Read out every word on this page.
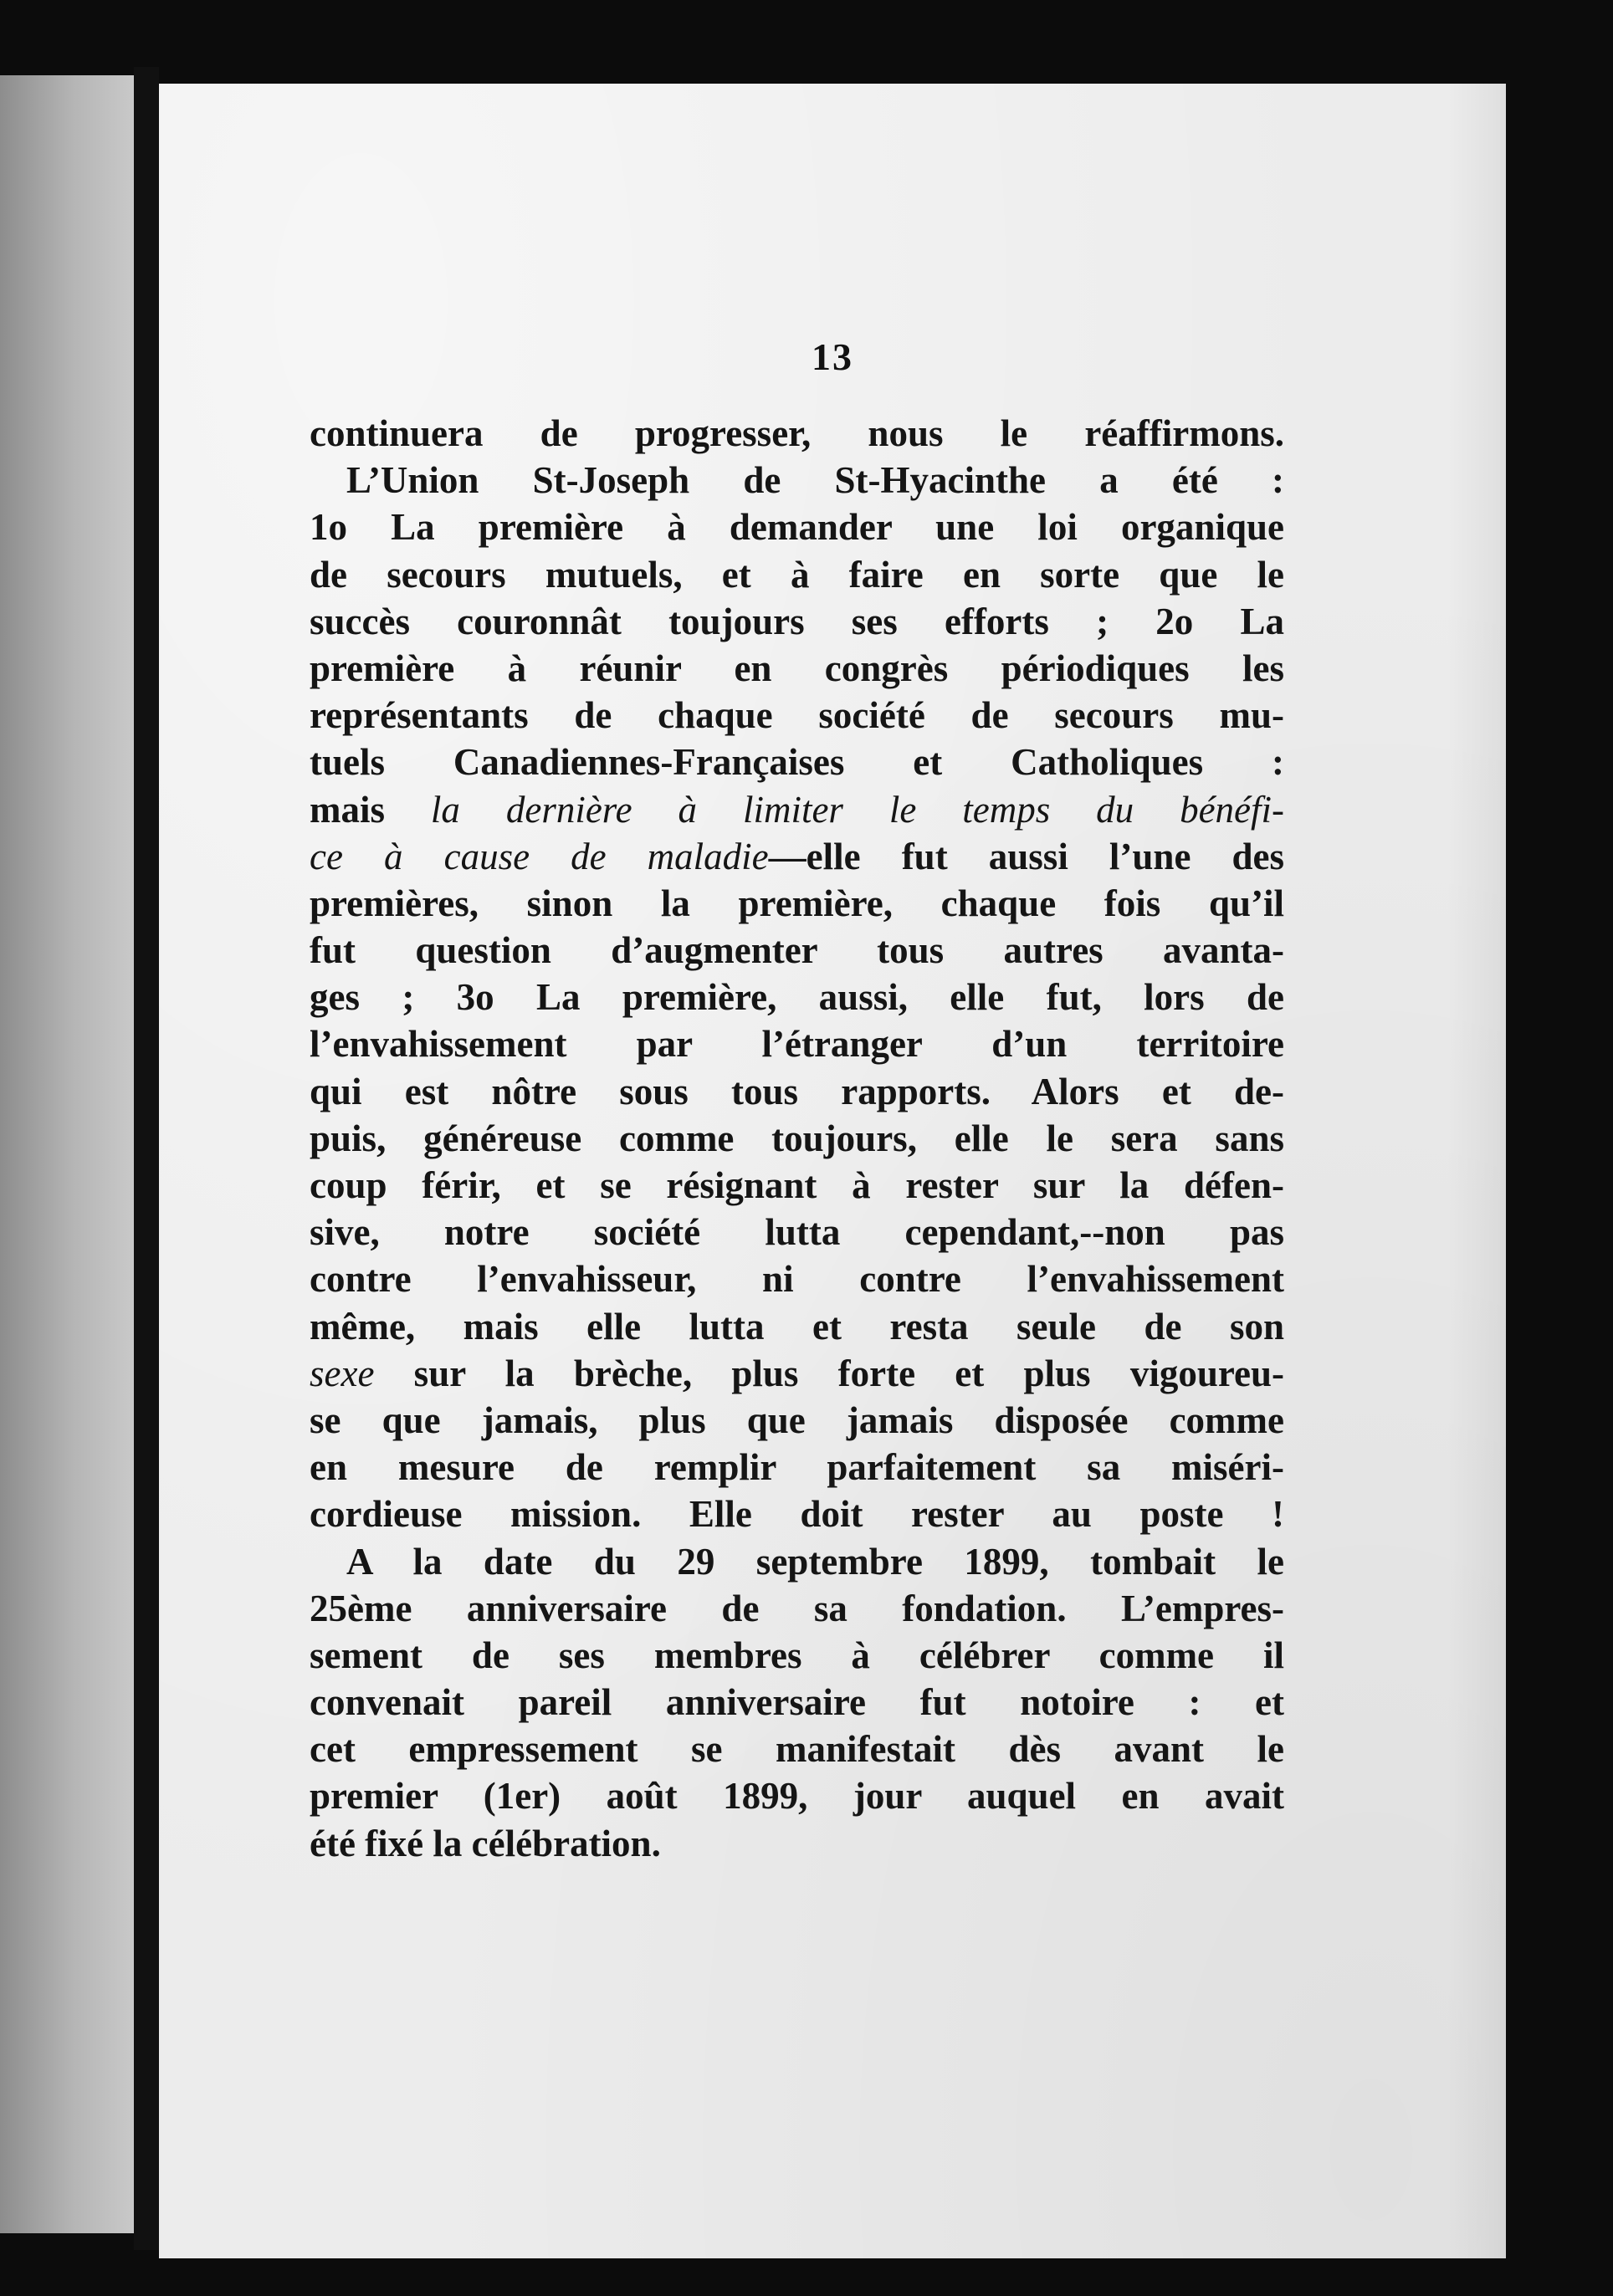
13
continuera de progresser, nous le réaffirmons.
L’Union St-Joseph de St-Hyacinthe a été :
1o La première à demander une loi organique
de secours mutuels, et à faire en sorte que le
succès couronnât toujours ses efforts ; 2o La
première à réunir en congrès périodiques les
représentants de chaque société de secours mu-
tuels Canadiennes-Françaises et Catholiques :
mais la dernière à limiter le temps du bénéfi-
ce à cause de maladie—elle fut aussi l’une des
premières, sinon la première, chaque fois qu’il
fut question d’augmenter tous autres avanta-
ges ; 3o La première, aussi, elle fut, lors de
l’envahissement par l’étranger d’un territoire
qui est nôtre sous tous rapports. Alors et de-
puis, généreuse comme toujours, elle le sera sans
coup férir, et se résignant à rester sur la défen-
sive, notre société lutta cependant,--non pas
contre l’envahisseur, ni contre l’envahissement
même, mais elle lutta et resta seule de son
sexe sur la brèche, plus forte et plus vigoureu-
se que jamais, plus que jamais disposée comme
en mesure de remplir parfaitement sa miséri-
cordieuse mission. Elle doit rester au poste !
A la date du 29 septembre 1899, tombait le
25ème anniversaire de sa fondation. L’empres-
sement de ses membres à célébrer comme il
convenait pareil anniversaire fut notoire : et
cet empressement se manifestait dès avant le
premier (1er) août 1899, jour auquel en avait
été fixé la célébration.
